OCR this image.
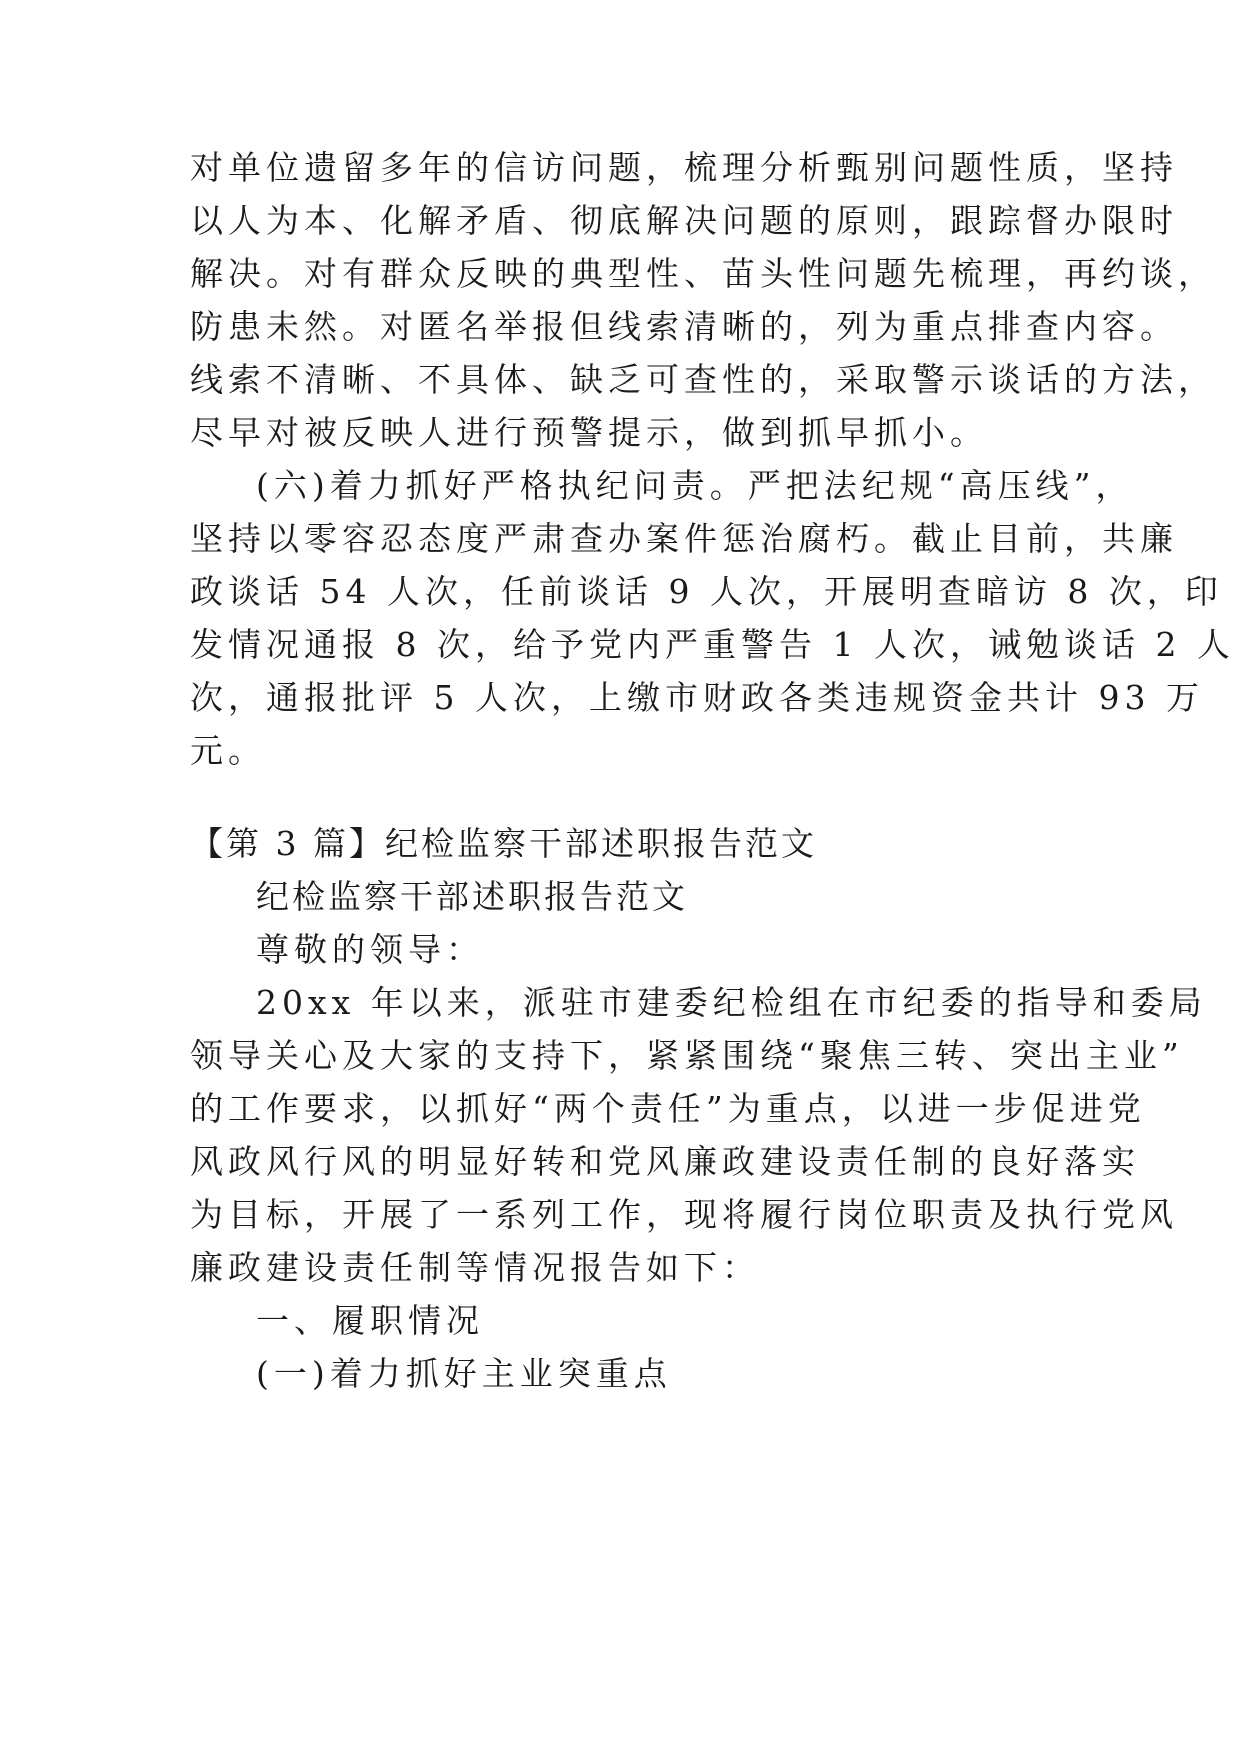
对单位遗留多年的信访问题，梳理分析甄别问题性质，坚持
以人为本、化解矛盾、彻底解决问题的原则，跟踪督办限时
解决。对有群众反映的典型性、苗头性问题先梳理，再约谈，
防患未然。对匿名举报但线索清晰的，列为重点排查内容。
线索不清晰、不具体、缺乏可查性的，采取警示谈话的方法，
尽早对被反映人进行预警提示，做到抓早抓小。
(六)着力抓好严格执纪问责。严把法纪规“高压线”，
坚持以零容忍态度严肃查办案件惩治腐朽。截止目前，共廉
政谈话 54 人次，任前谈话 9 人次，开展明查暗访 8 次，印
发情况通报 8 次，给予党内严重警告 1 人次，诫勉谈话 2 人
次，通报批评 5 人次，上缴市财政各类违规资金共计 93 万
元。
【第 3 篇】纪检监察干部述职报告范文
纪检监察干部述职报告范文
尊敬的领导：
20xx 年以来，派驻市建委纪检组在市纪委的指导和委局
领导关心及大家的支持下，紧紧围绕“聚焦三转、突出主业”
的工作要求，以抓好“两个责任”为重点，以进一步促进党
风政风行风的明显好转和党风廉政建设责任制的良好落实
为目标，开展了一系列工作，现将履行岗位职责及执行党风
廉政建设责任制等情况报告如下：
一、履职情况
(一)着力抓好主业突重点
